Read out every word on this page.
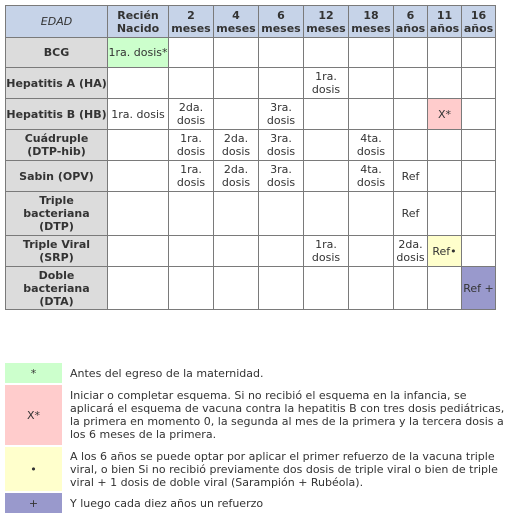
EDAD	Recién Nacido	2 meses	4 meses	6 meses	12 meses	18 meses	6 años	11 años	16 años
BCG	1ra. dosis*								
Hepatitis A (HA)					1ra. dosis				
Hepatitis B (HB)	1ra. dosis	2da. dosis		3ra. dosis				X*	
Cuádruple (DTP-hib)		1ra. dosis	2da. dosis	3ra. dosis		4ta. dosis			
Sabin (OPV)		1ra. dosis	2da. dosis	3ra. dosis		4ta. dosis	Ref		
Triple bacteriana (DTP)							Ref		
Triple Viral (SRP)					1ra. dosis		2da. dosis	Ref•	
Doble bacteriana (DTA)									Ref +
*	Antes del egreso de la maternidad.

X*	Iniciar o completar esquema. Si no recibió el esquema en la infancia, se aplicará el esquema de vacuna contra la hepatitis B con tres dosis pediátricas, la primera en momento 0, la segunda al mes de la primera y la tercera dosis a los 6 meses de la primera.

•	A los 6 años se puede optar por aplicar el primer refuerzo de la vacuna triple viral, o bien Si no recibió previamente dos dosis de triple viral o bien de triple viral + 1 dosis de doble viral (Sarampión + Rubéola).

+	Y luego cada diez años un refuerzo
